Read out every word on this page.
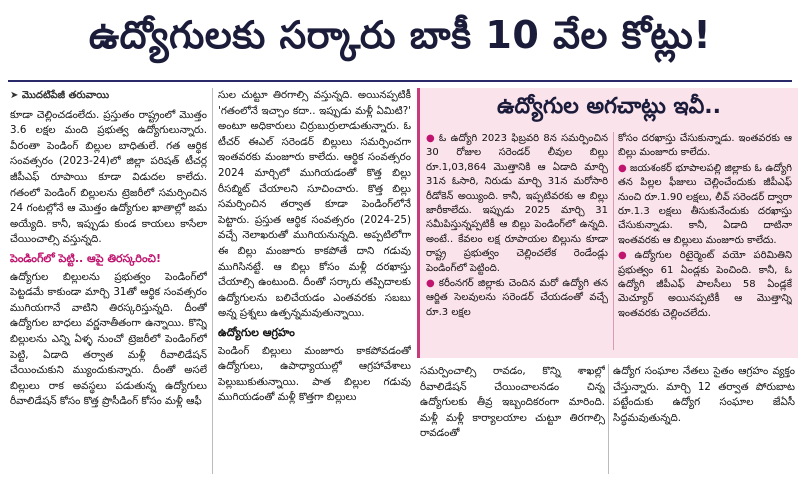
ఉద్యోగులకు సర్కారు బాకీ 10 వేల కోట్లు!
➤ మొదటిపేజీ తరువాయి

కూడా చెల్లించడంలేదు. ప్రస్తుతం రాష్ట్రంలో మొత్తం 3.6 లక్షల మంది ప్రభుత్వ ఉద్యోగులున్నారు. వీరంతా పెండింగ్ బిల్లుల బాధితులే. గత ఆర్థిక సంవత్సరం (2023-24)లో జిల్లా పరిషత్ టీచర్ల జీపీఎఫ్ రూపాయి కూడా విడుదల కాలేదు. గతంలో పెండింగ్ బిల్లులను ట్రెజరీలో సమర్పించిన 24 గంటల్లోనే ఆ మొత్తం ఉద్యోగుల ఖాతాల్లో జమ అయ్యేది. కానీ, ఇప్పుడు కుండ కాయలు కాసేలా చేయించాల్సి వస్తున్నది.

పెండింగ్‌లో పెట్టి.. ఆపై తిరస్కరించి!

ఉద్యోగుల బిల్లులను ప్రభుత్వం పెండింగ్‌లో పెట్టడమే కాకుండా మార్చి 31తో ఆర్థిక సంవత్సరం ముగియగానే వాటిని తిరస్కరిస్తున్నది. దీంతో ఉద్యోగుల బాధలు వర్ణనాతీతంగా ఉన్నాయి. కొన్ని బిల్లులను ఎన్ని ఏళ్ళ నుంచో ట్రెజరీలో పెండింగ్‌లో పెట్టి, ఏడాది తర్వాత మళ్లీ రీవాలిడేషన్ చేయించుకుని మ్యుందుకున్నారు. దీంతో అసలే బిల్లులు రాక అవస్థలు పడుతున్న ఉద్యోగులు రీవాలిడేషన్‌ కోసం కొత్త ప్రొసీడింగ్ కోసం మళ్లీ ఆఫీ

సుల చుట్టూ తిరగాల్సి వస్తున్నది. అయినప్పటికీ 'గతంలోనే ఇచ్చాం కదా.. ఇప్పుడు మళ్లీ ఏమిటి?' అంటూ అధికారులు చిర్రుబుర్రులాడుతున్నారు. ఓ టీచర్ ఈఎల్ సరెండర్ బిల్లులు సమర్పించగా ఇంతవరకు మంజూరు కాలేదు. ఆర్థిక సంవత్సరం 2024 మార్చిలో ముగియడంతో కొత్త బిల్లు రీసబ్మిట్ చేయాలని సూచించారు. కొత్త బిల్లు సమర్పించిన తర్వాత కూడా పెండింగ్‌లోనే పెట్టారు. ప్రస్తుత ఆర్థిక సంవత్సరం (2024-25) వచ్చే నెలాఖరుతో ముగియనున్నది. అప్పటిలోగా ఈ బిల్లు మంజూరు కాకపోతే దాని గడువు ముగిసినట్టే. ఆ బిల్లు కోసం మళ్లీ దరఖాస్తు చేయాల్సి ఉంటుంది. దీంతో సర్కారు తప్పిదాలకు ఉద్యోగులను బలిచేయడం ఎంతవరకు సబబు అన్న ప్రశ్నలు ఉత్పన్నమవుతున్నాయి.

ఉద్యోగుల ఆగ్రహం

పెండింగ్ బిల్లులు మంజూరు కాకపోవడంతో ఉద్యోగులు, ఉపాధ్యాయుల్లో ఆగ్రహావేశాలు పెల్లుబుకుతున్నాయి. పాత బిల్లుల గడువు ముగియడంతో మళ్లీ కొత్తగా బిల్లులు

ఉద్యోగుల అగచాట్లు ఇవీ..
● ఓ ఉద్యోగి 2023 ఫిబ్రవరి 8న సమర్పించిన 30 రోజుల సరెండర్ లీవుల బిల్లు రూ.1,03,864 మొత్తానికి ఆ ఏడాది మార్చి 31న ఓసారి, నిరుడు మార్చి 31న మరోసారి రీడోకెన్ అయ్యింది. కానీ, ఇప్పటివరకు ఆ బిల్లు జారీకాలేదు. ఇప్పుడు 2025 మార్చి 31 సమీపిస్తున్నప్పటికీ ఆ బిల్లు పెండింగ్‌లో ఉన్నది. అంటే.. కేవలం లక్ష రూపాయల బిల్లును కూడా రాష్ట్ర ప్రభుత్వం చెల్లించలేక రెండేండ్లు పెండింగ్‌లో పెట్టింది.
● కరీంనగర్ జిల్లాకు చెందిన మరో ఉద్యోగి తన ఆర్జిత సెలవులను సరెండర్ చేయడంతో వచ్చే రూ.3 లక్షల

కోసం దరఖాస్తు చేసుకున్నాడు. ఇంతవరకు ఆ బిల్లు మంజూరు కాలేదు.

● జయశంకర్ భూపాలపల్లి జిల్లాకు ఓ ఉద్యోగి తన పిల్లల ఫీజులు చెల్లించేందుకు జీపీఎఫ్ నుంచి రూ.1.90 లక్షలు, లీవ్ సరెండర్ ద్వారా రూ.1.3 లక్షలు తీసుకునేందుకు దరఖాస్తు చేసుకున్నాడు. కానీ, ఏడాది దాటినా ఇంతవరకు ఆ బిల్లులు మంజూరు కాలేదు.
● ఉద్యోగుల రిటైర్మెంట్ వయో పరిమితిని ప్రభుత్వం 61 ఏండ్లకు పెంచింది. కానీ, ఓ ఉద్యోగి జీపీఎఫ్ పాలసీలు 58 ఏండ్లకే మెచ్యూర్ అయినప్పటికీ ఆ మొత్తాన్ని ఇంతవరకు చెల్లించలేదు.

సమర్పించాల్సి రావడం, కొన్ని శాఖల్లో రీవాలిడేషన్ చేయించాలనడం చిన్న ఉద్యోగులకు తీవ్ర ఇబ్బందికరంగా మారింది. మళ్లీ మళ్లీ కార్యాలయాల చుట్టూ తిరగాల్సి రావడంతో

ఉద్యోగ సంఘాల నేతలు సైతం ఆగ్రహం వ్యక్తం చేస్తున్నారు. మార్చి 12 తర్వాత పోరుబాట పట్టేందుకు ఉద్యోగ సంఘాల జేఏసీ సిద్ధమవుతున్నది.
